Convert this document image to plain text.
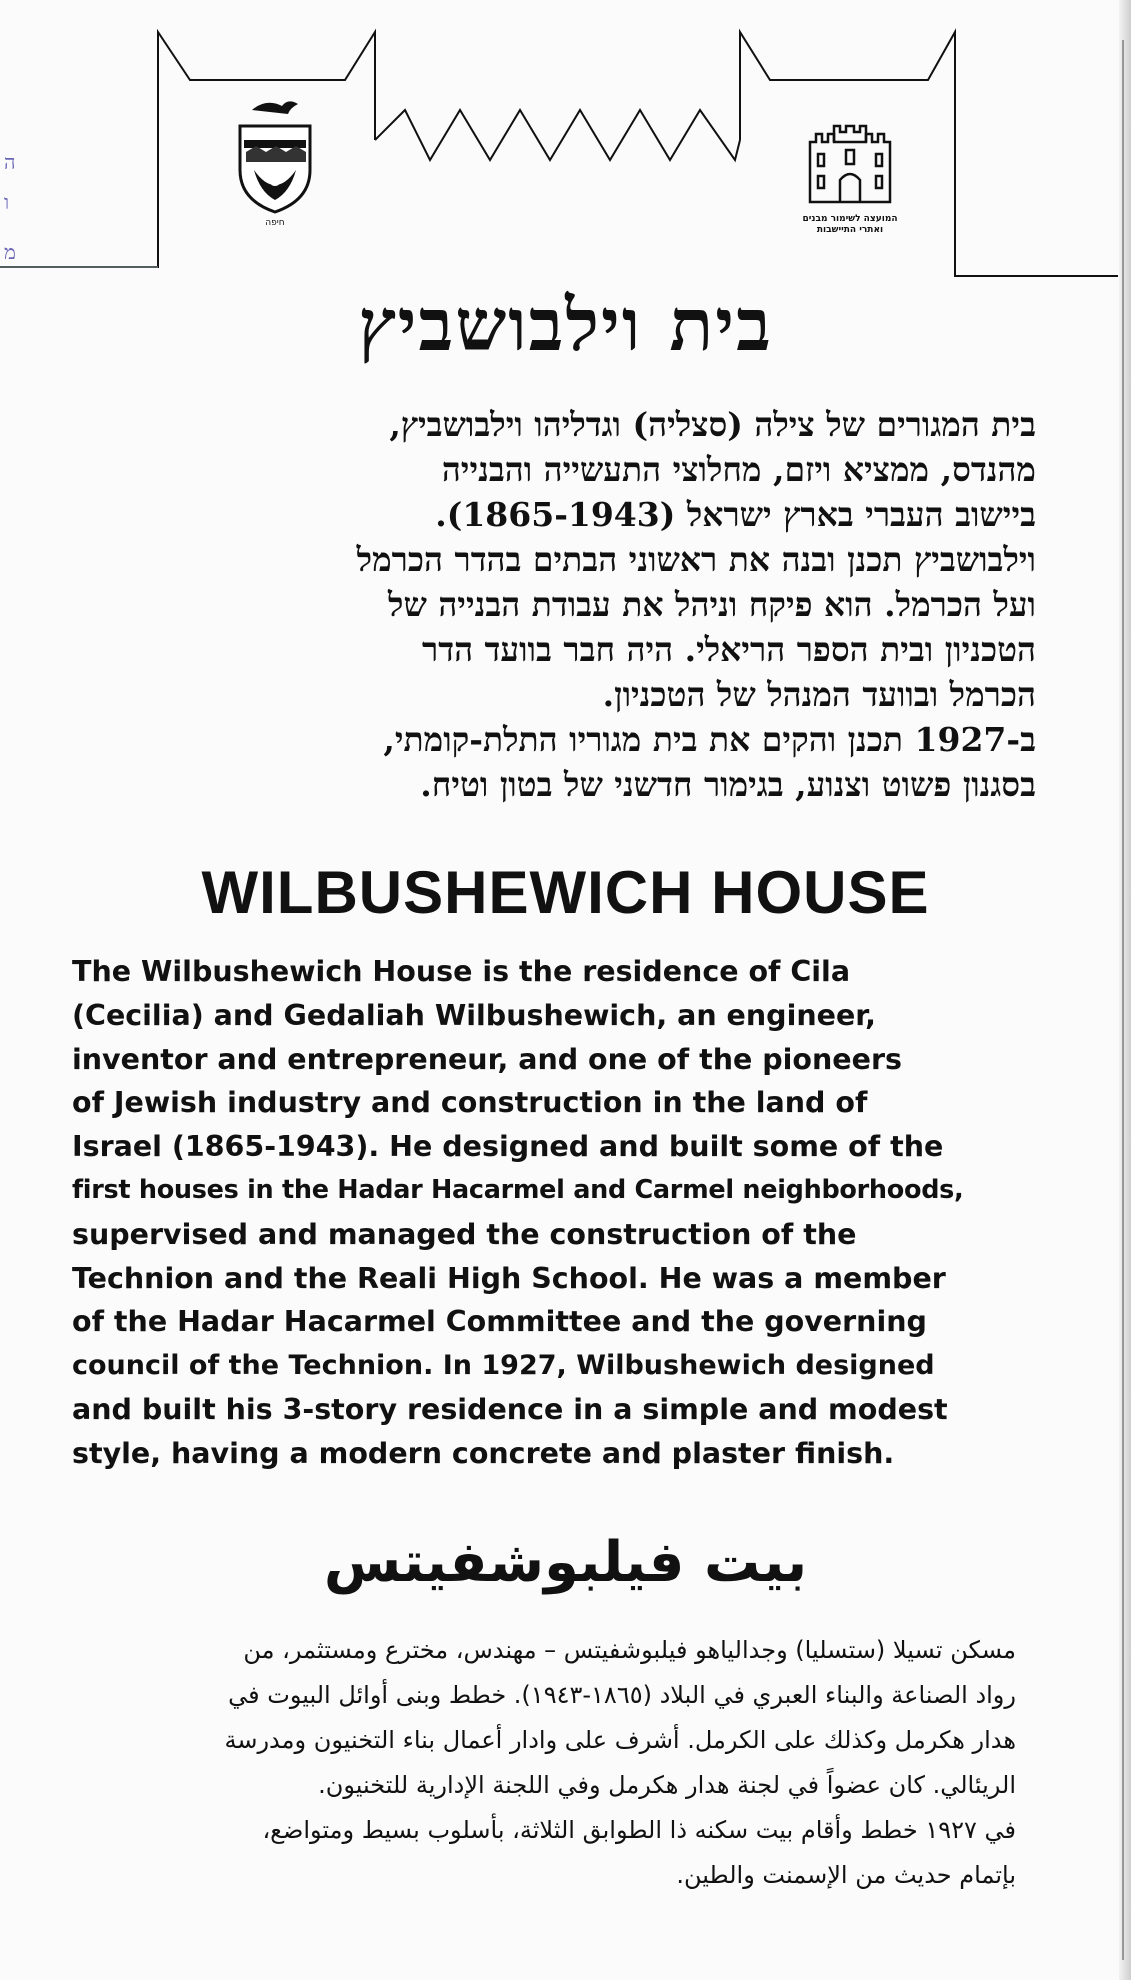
ה
ו
מ
חיפה	המועצה לשימור מבנים ואתרי התיישבות
בית וילבושביץ

בית המגורים של צילה (סצליה) וגדליהו וילבושביץ,

מהנדס, ממציא ויזם, מחלוצי התעשייה והבנייה

ביישוב העברי בארץ ישראל (1865-1943).

וילבושביץ תכנן ובנה את ראשוני הבתים בהדר הכרמל

ועל הכרמל. הוא פיקח וניהל את עבודת הבנייה של

הטכניון ובית הספר הריאלי. היה חבר בוועד הדר

הכרמל ובוועד המנהל של הטכניון.

ב-1927 תכנן והקים את בית מגוריו התלת-קומתי,

בסגנון פשוט וצנוע, בגימור חדשני של בטון וטיח.

WILBUSHEWICH HOUSE
The Wilbushewich House is the residence of Cila
(Cecilia) and Gedaliah Wilbushewich, an engineer,
inventor and entrepreneur, and one of the pioneers
of Jewish industry and construction in the land of
Israel (1865-1943). He designed and built some of the
first houses in the Hadar Hacarmel and Carmel neighborhoods,
supervised and managed the construction of the
Technion and the Reali High School. He was a member
of the Hadar Hacarmel Committee and the governing
council of the Technion. In 1927, Wilbushewich designed
and built his 3-story residence in a simple and modest
style, having a modern concrete and plaster finish.
بيت فيلبوشفيتس

مسكن تسيلا (ستسليا) وجدالياهو فيلبوشفيتس – مهندس، مخترع ومستثمر، من

رواد الصناعة والبناء العبري في البلاد (١٨٦٥-١٩٤٣). خطط وبنى أوائل البيوت في

هدار هكرمل وكذلك على الكرمل. أشرف على وادار أعمال بناء التخنيون ومدرسة

الريئالي. كان عضواً في لجنة هدار هكرمل وفي اللجنة الإدارية للتخنيون.

في ١٩٢٧ خطط وأقام بيت سكنه ذا الطوابق الثلاثة، بأسلوب بسيط ومتواضع،

بإتمام حديث من الإسمنت والطين.
